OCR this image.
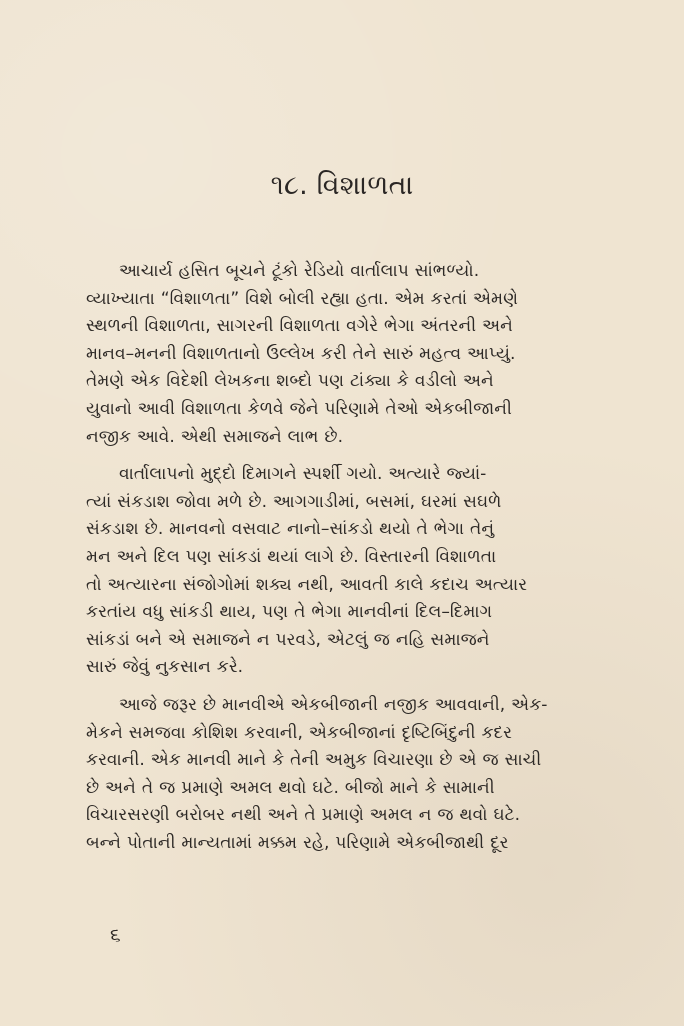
૧૮. વિશાળતા

આચાર્ય હસિત બૂચને ટૂંકો રેડિયો વાર્તાલાપ સાંભળ્યો.
વ્યાખ્યાતા “વિશાળતા” વિશે બોલી રહ્યા હતા. એમ કરતાં એમણે
સ્થળની વિશાળતા, સાગરની વિશાળતા વગેરે ભેગા અંતરની અને
માનવ–મનની વિશાળતાનો ઉલ્લેખ કરી તેને સારું મહત્વ આપ્યું.
તેમણે એક વિદેશી લેખકના શબ્દો પણ ટાંક્યા કે વડીલો અને
યુવાનો આવી વિશાળતા કેળવે જેને પરિણામે તેઓ એકબીજાની
નજીક આવે. એથી સમાજને લાભ છે.

વાર્તાલાપનો મુદ્દો દિમાગને સ્પર્શી ગયો. અત્યારે જ્યાં-
ત્યાં સંકડાશ જોવા મળે છે. આગગાડીમાં, બસમાં, ઘરમાં સઘળે
સંકડાશ છે. માનવનો વસવાટ નાનો–સાંકડો થયો તે ભેગા તેનું
મન અને દિલ પણ સાંકડાં થયાં લાગે છે. વિસ્તારની વિશાળતા
તો અત્યારના સંજોગોમાં શક્ય નથી, આવતી કાલે કદાચ અત્યાર
કરતાંય વધુ સાંકડી થાય, પણ તે ભેગા માનવીનાં દિલ–દિમાગ
સાંકડાં બને એ સમાજને ન પરવડે, એટલું જ નહિ સમાજને
સારું જેવું નુકસાન કરે.

આજે જરૂર છે માનવીએ એકબીજાની નજીક આવવાની, એક-
મેકને સમજવા કોશિશ કરવાની, એકબીજાનાં દૃષ્ટિબિંદુની કદર
કરવાની. એક માનવી માને કે તેની અમુક વિચારણા છે એ જ સાચી
છે અને તે જ પ્રમાણે અમલ થવો ઘટે. બીજો માને કે સામાની
વિચારસરણી બરોબર નથી અને તે પ્રમાણે અમલ ન જ થવો ઘટે.
બન્ને પોતાની માન્યતામાં મક્કમ રહે, પરિણામે એકબીજાથી દૂર

૬
